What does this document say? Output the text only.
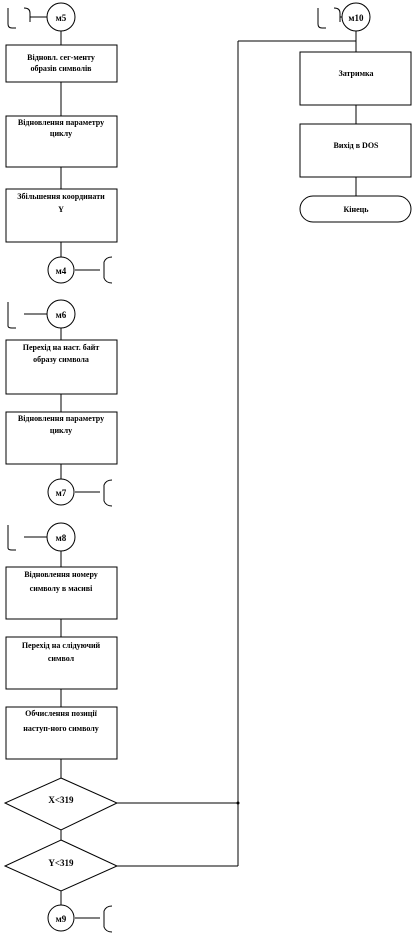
м5	м10
м4
м6
м7
м8
м9
Відновл. сег-менту
образів символів
Відновлення параметру
циклу
Збільшення координати
Y
Перехід на наст. байт
образу символа
Відновлення параметру
циклу
Відновлення номеру
символу в масиві
Перехід на слідуючий
символ
Обчислення позиції
наступ-ного символу
X<319
Y<319
Затримка
Вихід в DOS
Кінець
